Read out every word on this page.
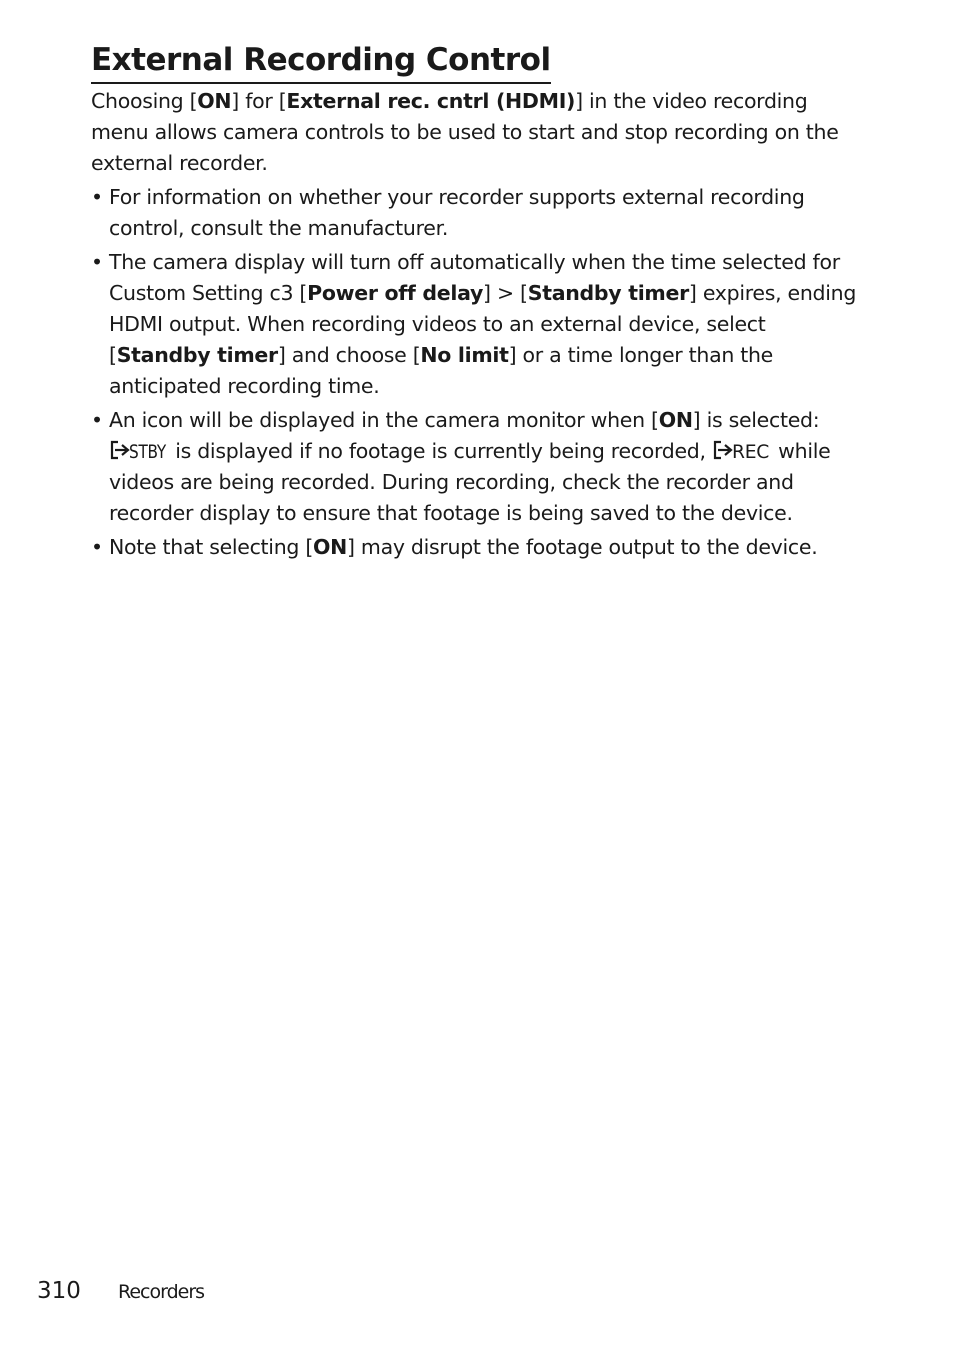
External Recording Control

Choosing [ON] for [External rec. cntrl (HDMI)] in the video recording menu allows camera controls to be used to start and stop recording on the external recorder.

• For information on whether your recorder supports external recording control, consult the manufacturer.
• The camera display will turn off automatically when the time selected for Custom Setting c3 [Power off delay] > [Standby timer] expires, ending HDMI output. When recording videos to an external device, select [Standby timer] and choose [No limit] or a time longer than the anticipated recording time.
• An icon will be displayed in the camera monitor when [ON] is selected:
STBY is displayed if no footage is currently being recorded, REC while videos are being recorded. During recording, check the recorder and recorder display to ensure that footage is being saved to the device.
• Note that selecting [ON] may disrupt the footage output to the device.
310 Recorders
